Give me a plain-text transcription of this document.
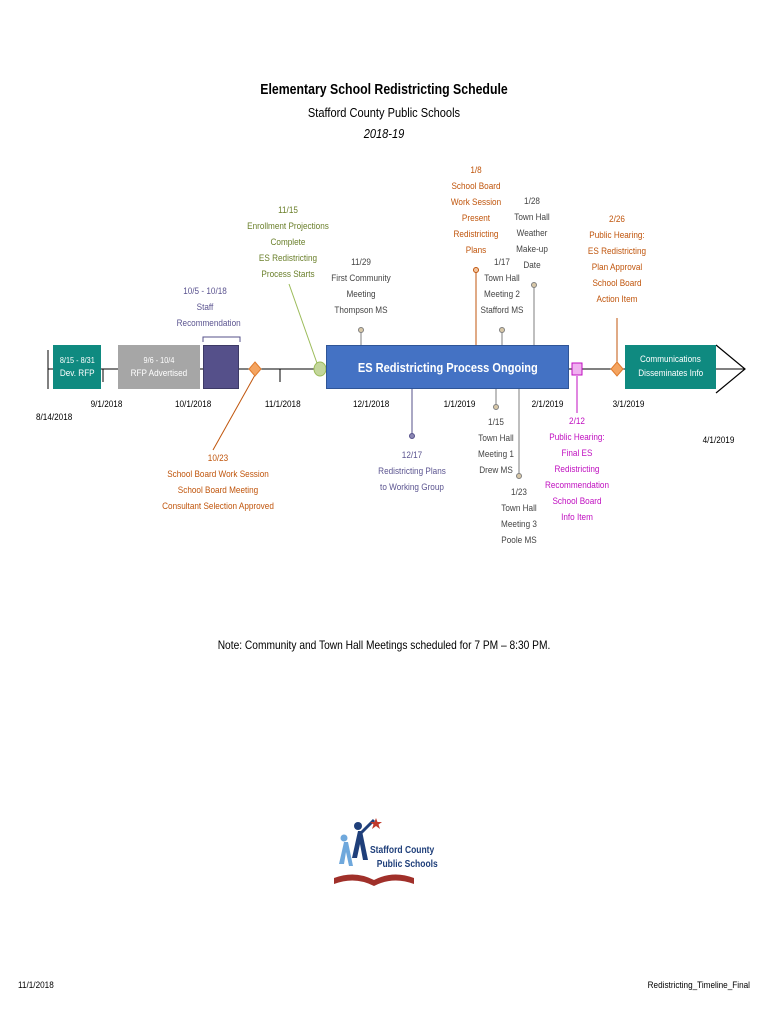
Elementary School Redistricting Schedule
Stafford County Public Schools
2018-19
8/15 - 8/31
Dev. RFP
9/6 - 10/4
RFP Advertised	ES Redistricting Process Ongoing	Communications
Disseminates Info
8/14/2018
9/1/2018	10/1/2018	11/1/2018	12/1/2018	1/1/2019	2/1/2019	3/1/2019
4/1/2019
10/5 - 10/18
Staff
Recommendation
11/15
Enrollment Projections
Complete
ES Redistricting
Process Starts
11/29
First Community
Meeting
Thompson MS
1/8
School Board
Work Session
Present
Redistricting
Plans
1/28
Town Hall
Weather
Make-up
Date
2/26
Public Hearing:
ES Redistricting
Plan Approval
School Board
Action Item
1/17
Town Hall
Meeting 2
Stafford MS
10/23
School Board Work Session
School Board Meeting
Consultant Selection Approved
12/17
Redistricting Plans
to Working Group
1/15
Town Hall
Meeting 1
Drew MS
1/23
Town Hall
Meeting 3
Poole MS
2/12
Public Hearing:
Final ES
Redistricting
Recommendation
School Board
Info Item
Note: Community and Town Hall Meetings scheduled for 7 PM – 8:30 PM.
Stafford County
Public Schools
11/1/2018	Redistricting_Timeline_Final
